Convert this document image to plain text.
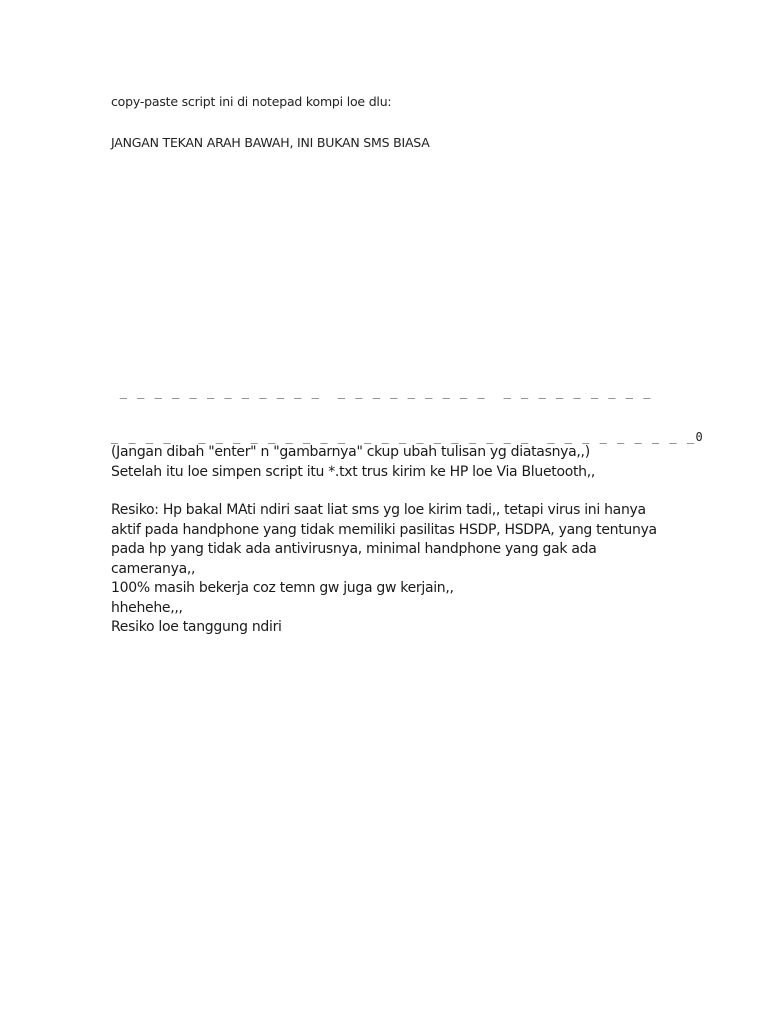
copy-paste script ini di notepad kompi loe dlu:
JANGAN TEKAN ARAH BAWAH, INI BUKAN SMS BIASA

_ _ _ _ _ _ _ _ _ _ _ _  _ _ _ _ _ _ _ _ _  _ _ _ _ _ _ _ _ _

_ _ _ _   _ _ _ _ _ _ _ _ _  _ _ _ _ _ _ _ _ _ _  _ _ _ _ _ _ _ _ _0

(Jangan dibah "enter" n "gambarnya" ckup ubah tulisan yg diatasnya,,)
Setelah itu loe simpen script itu *.txt trus kirim ke HP loe Via Bluetooth,,
Resiko: Hp bakal MAti ndiri saat liat sms yg loe kirim tadi,, tetapi virus ini hanya
aktif pada handphone yang tidak memiliki pasilitas HSDP, HSDPA, yang tentunya
pada hp yang tidak ada antivirusnya, minimal handphone yang gak ada
cameranya,,
100% masih bekerja coz temn gw juga gw kerjain,,
hhehehe,,,
Resiko loe tanggung ndiri
